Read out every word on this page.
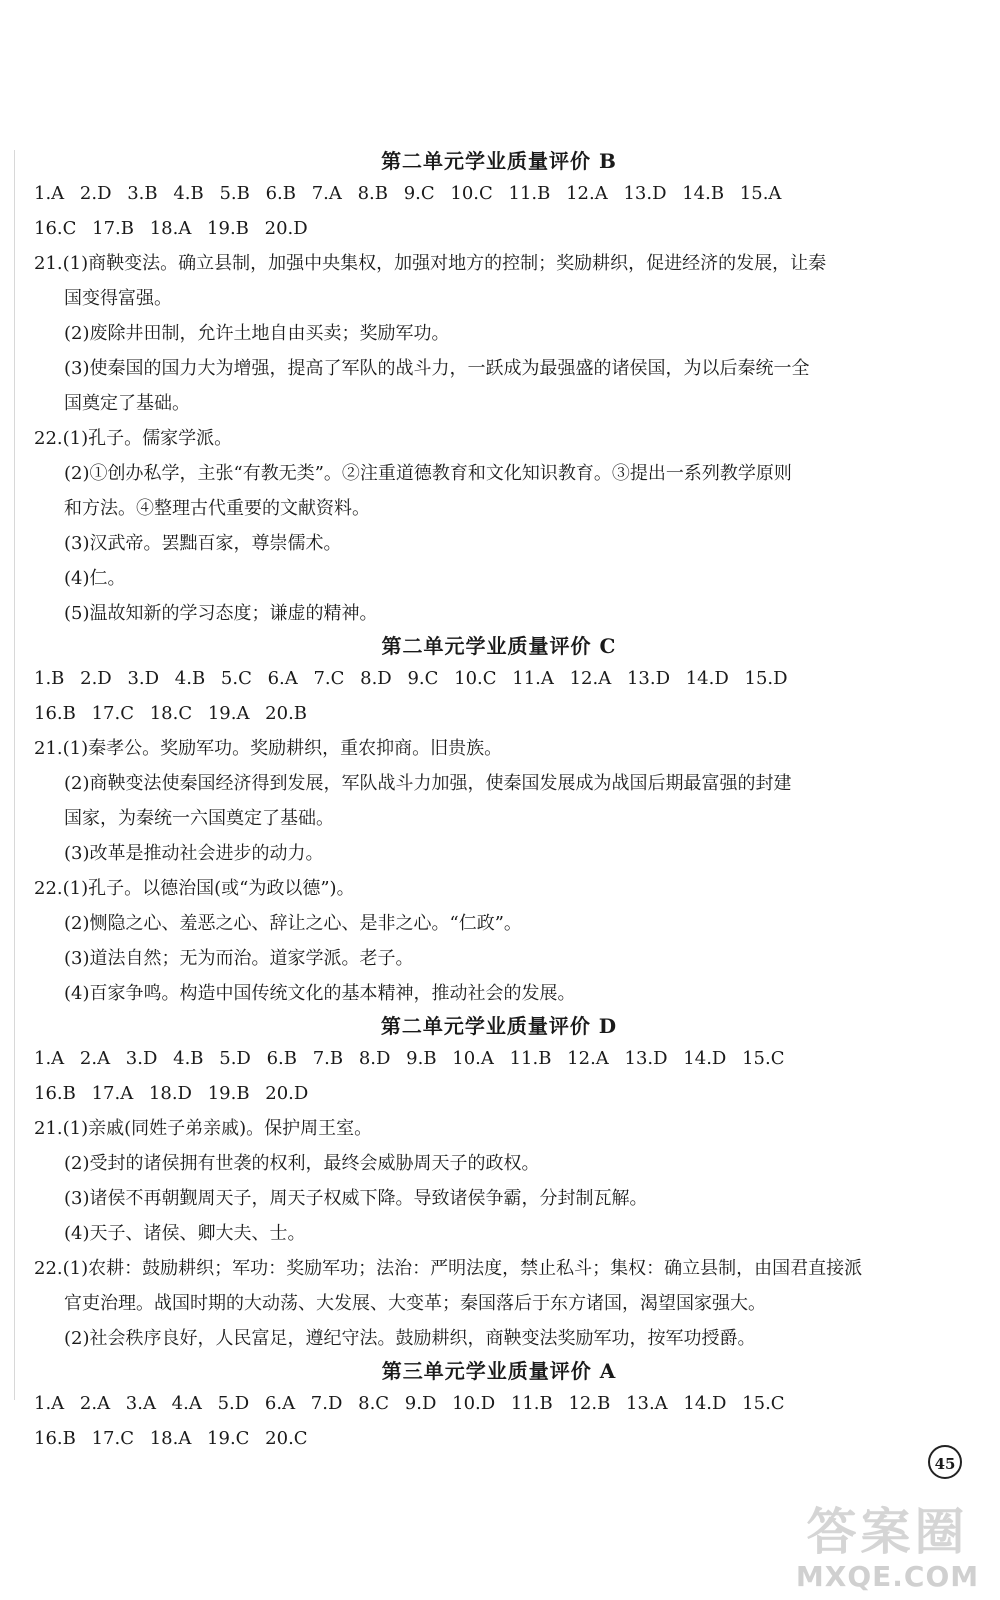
第二单元学业质量评价 B

1.A 2.D 3.B 4.B 5.B 6.B 7.A 8.B 9.C 10.C 11.B 12.A 13.D 14.B 15.A

16.C 17.B 18.A 19.B 20.D

21.(1)商鞅变法。确立县制，加强中央集权，加强对地方的控制；奖励耕织，促进经济的发展，让秦

国变得富强。

(2)废除井田制，允许土地自由买卖；奖励军功。

(3)使秦国的国力大为增强，提高了军队的战斗力，一跃成为最强盛的诸侯国，为以后秦统一全

国奠定了基础。

22.(1)孔子。儒家学派。

(2)①创办私学，主张“有教无类”。②注重道德教育和文化知识教育。③提出一系列教学原则

和方法。④整理古代重要的文献资料。

(3)汉武帝。罢黜百家，尊崇儒术。

(4)仁。

(5)温故知新的学习态度；谦虚的精神。

第二单元学业质量评价 C

1.B 2.D 3.D 4.B 5.C 6.A 7.C 8.D 9.C 10.C 11.A 12.A 13.D 14.D 15.D

16.B 17.C 18.C 19.A 20.B

21.(1)秦孝公。奖励军功。奖励耕织，重农抑商。旧贵族。

(2)商鞅变法使秦国经济得到发展，军队战斗力加强，使秦国发展成为战国后期最富强的封建

国家，为秦统一六国奠定了基础。

(3)改革是推动社会进步的动力。

22.(1)孔子。以德治国(或“为政以德”)。

(2)恻隐之心、羞恶之心、辞让之心、是非之心。“仁政”。

(3)道法自然；无为而治。道家学派。老子。

(4)百家争鸣。构造中国传统文化的基本精神，推动社会的发展。

第二单元学业质量评价 D

1.A 2.A 3.D 4.B 5.D 6.B 7.B 8.D 9.B 10.A 11.B 12.A 13.D 14.D 15.C

16.B 17.A 18.D 19.B 20.D

21.(1)亲戚(同姓子弟亲戚)。保护周王室。

(2)受封的诸侯拥有世袭的权利，最终会威胁周天子的政权。

(3)诸侯不再朝觐周天子，周天子权威下降。导致诸侯争霸，分封制瓦解。

(4)天子、诸侯、卿大夫、士。

22.(1)农耕：鼓励耕织；军功：奖励军功；法治：严明法度，禁止私斗；集权：确立县制，由国君直接派

官吏治理。战国时期的大动荡、大发展、大变革；秦国落后于东方诸国，渴望国家强大。

(2)社会秩序良好，人民富足，遵纪守法。鼓励耕织，商鞅变法奖励军功，按军功授爵。

第三单元学业质量评价 A

1.A 2.A 3.A 4.A 5.D 6.A 7.D 8.C 9.D 10.D 11.B 12.B 13.A 14.D 15.C

16.B 17.C 18.A 19.C 20.C

45
答案圈
MXQE.COM
